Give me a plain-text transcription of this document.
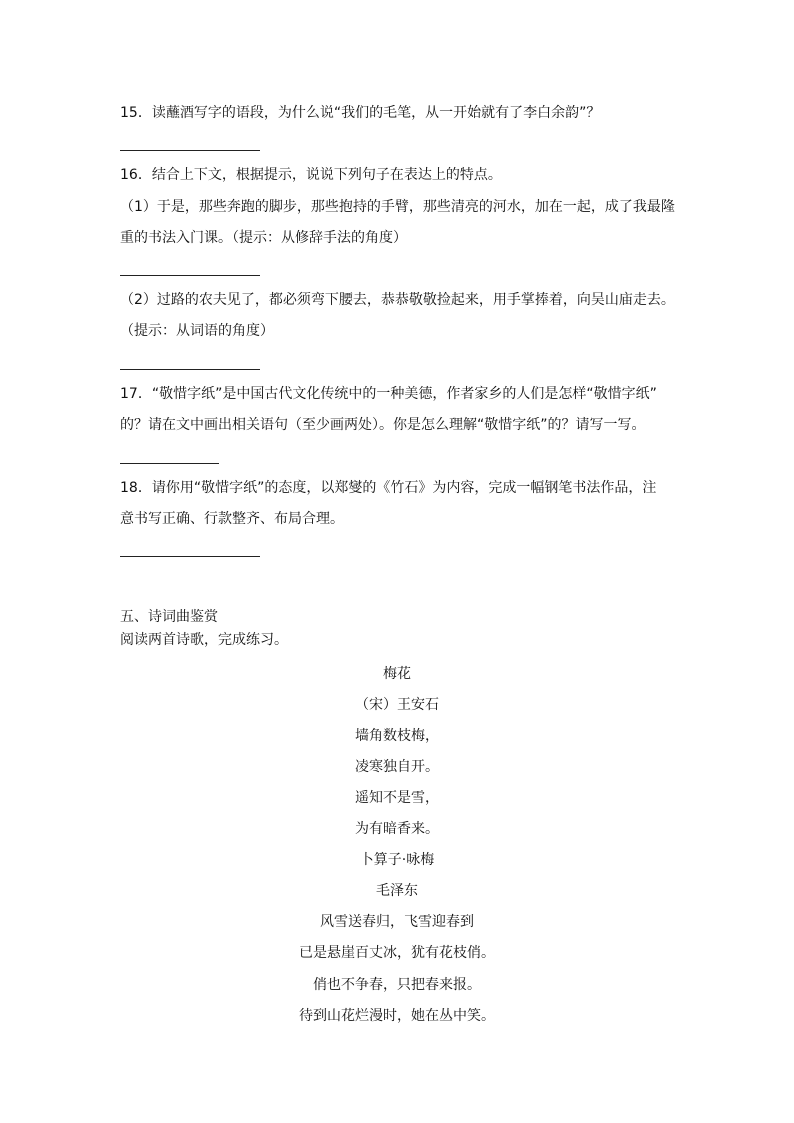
15．读蘸酒写字的语段，为什么说“我们的毛笔，从一开始就有了李白余韵”？
16．结合上下文，根据提示，说说下列句子在表达上的特点。
（1）于是，那些奔跑的脚步，那些抱持的手臂，那些清亮的河水，加在一起，成了我最隆
重的书法入门课。（提示：从修辞手法的角度）
（2）过路的农夫见了，都必须弯下腰去，恭恭敬敬捡起来，用手掌捧着，向吴山庙走去。
（提示：从词语的角度）
17．“敬惜字纸”是中国古代文化传统中的一种美德，作者家乡的人们是怎样“敬惜字纸”
的？请在文中画出相关语句（至少画两处）。你是怎么理解“敬惜字纸”的？请写一写。
18．请你用“敬惜字纸”的态度，以郑燮的《竹石》为内容，完成一幅钢笔书法作品，注
意书写正确、行款整齐、布局合理。
五、诗词曲鉴赏
阅读两首诗歌，完成练习。
梅花
（宋）王安石
墙角数枝梅，
凌寒独自开。
遥知不是雪，
为有暗香来。
卜算子·咏梅
毛泽东
风雪送春归，飞雪迎春到
已是悬崖百丈冰，犹有花枝俏。
俏也不争春，只把春来报。
待到山花烂漫时，她在丛中笑。
